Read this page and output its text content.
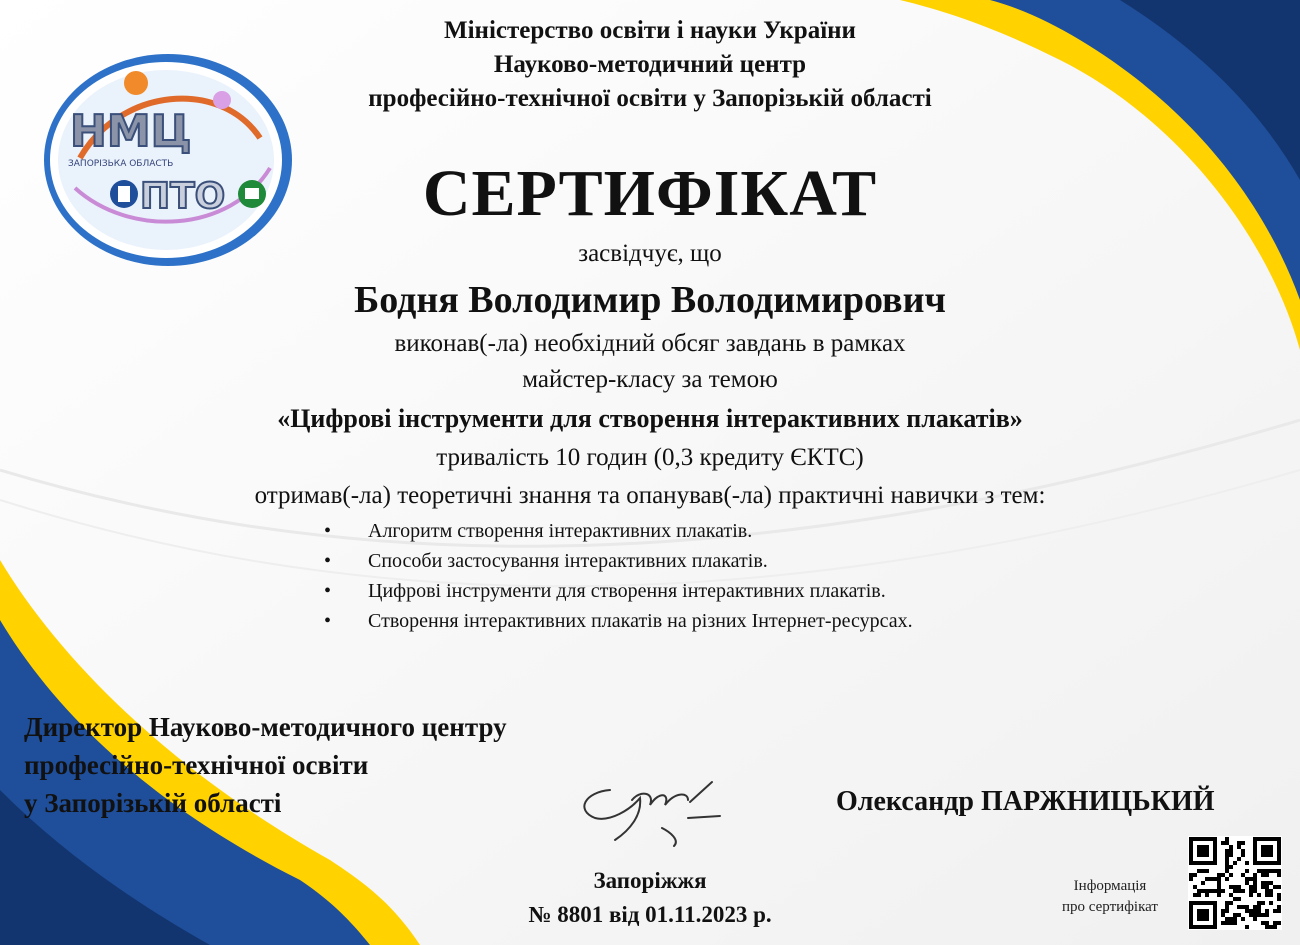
НМЦ
ЗАПОРІЗЬКА ОБЛАСТЬ
ПТО
Міністерство освіти і науки України
Науково-методичний центр
професійно-технічної освіти у Запорізькій області
СЕРТИФІКАТ
засвідчує, що
Бодня Володимир Володимирович
виконав(-ла) необхідний обсяг завдань в рамках
майстер-класу за темою
«Цифрові інструменти для створення інтерактивних плакатів»
тривалість 10 годин (0,3 кредиту ЄКТС)
отримав(-ла) теоретичні знання та опанував(-ла) практичні навички з тем:
• Алгоритм створення інтерактивних плакатів.
• Способи застосування інтерактивних плакатів.
• Цифрові інструменти для створення інтерактивних плакатів.
• Створення інтерактивних плакатів на різних Інтернет-ресурсах.
Директор Науково-методичного центру
професійно-технічної освіти
у Запорізькій області	Олександр ПАРЖНИЦЬКИЙ
Запоріжжя
№ 8801 від 01.11.2023 р.
Інформація
про сертифікат
